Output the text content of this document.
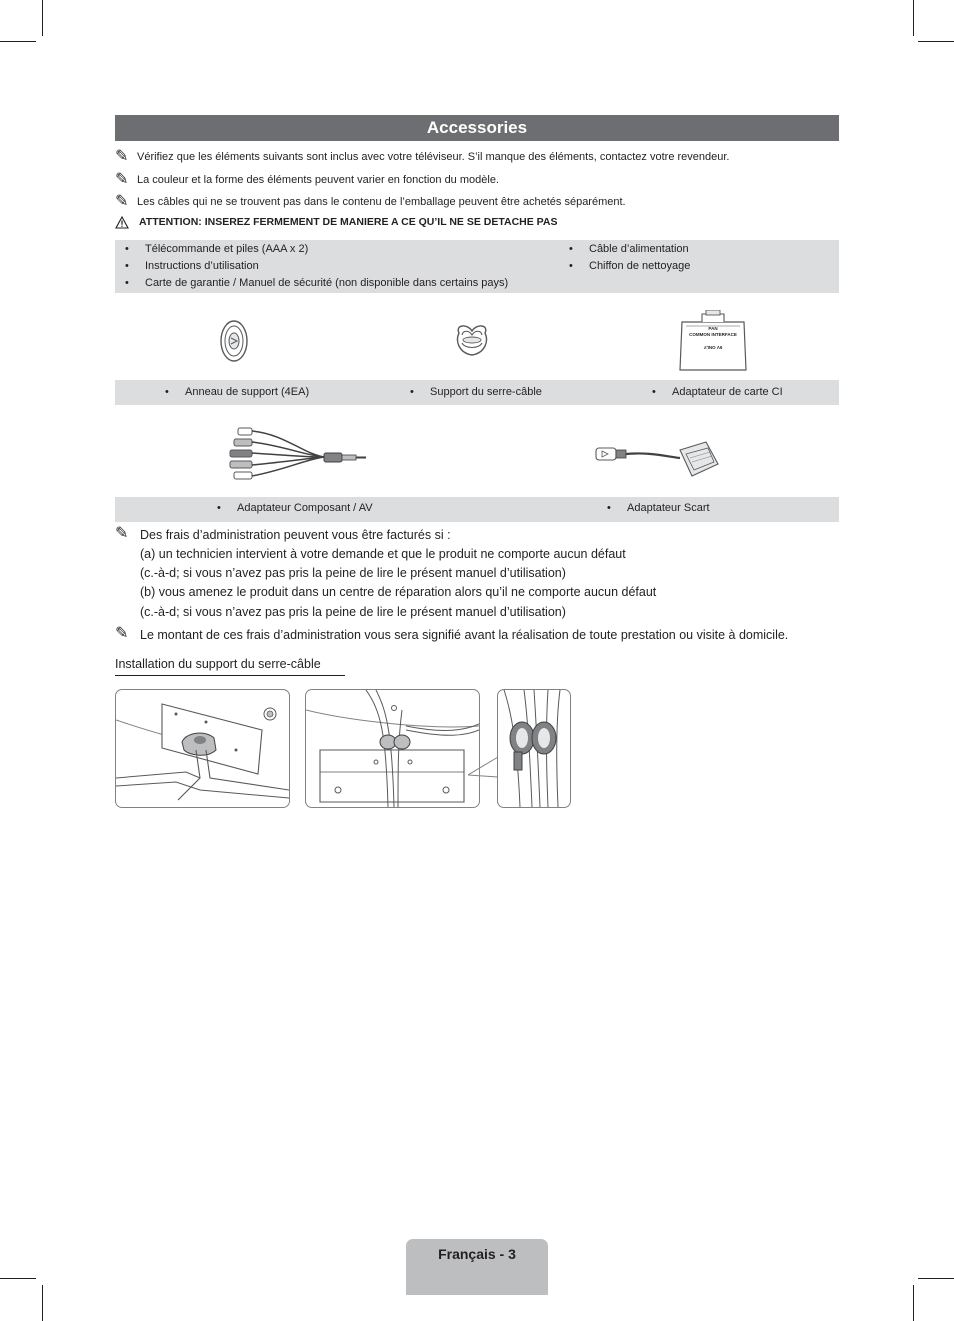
Accessories
✎ Vérifiez que les éléments suivants sont inclus avec votre téléviseur. S’il manque des éléments, contactez votre revendeur.
✎ La couleur et la forme des éléments peuvent varier en fonction du modèle.
✎ Les câbles qui ne se trouvent pas dans le contenu de l’emballage peuvent être achetés séparément.
ATTENTION: INSEREZ FERMEMENT DE MANIERE A CE QU’IL NE SE DETACHE PAS
• Télécommande et piles (AAA x 2)
• Instructions d’utilisation
• Carte de garantie / Manuel de sécurité (non disponible dans certains pays)
• Câble d’alimentation
• Chiffon de nettoyage
PAN
COMMON INTERFACE
5V ONLY
• Anneau de support (4EA)	• Support du serre-câble	• Adaptateur de carte CI
• Adaptateur Composant / AV	• Adaptateur Scart
✎ Des frais d’administration peuvent vous être facturés si :
(a) un technicien intervient à votre demande et que le produit ne comporte aucun défaut
(c.-à-d; si vous n’avez pas pris la peine de lire le présent manuel d’utilisation)
(b) vous amenez le produit dans un centre de réparation alors qu’il ne comporte aucun défaut
(c.-à-d; si vous n’avez pas pris la peine de lire le présent manuel d’utilisation)
✎ Le montant de ces frais d’administration vous sera signifié avant la réalisation de toute prestation ou visite à domicile.
Installation du support du serre-câble
Français - 3
